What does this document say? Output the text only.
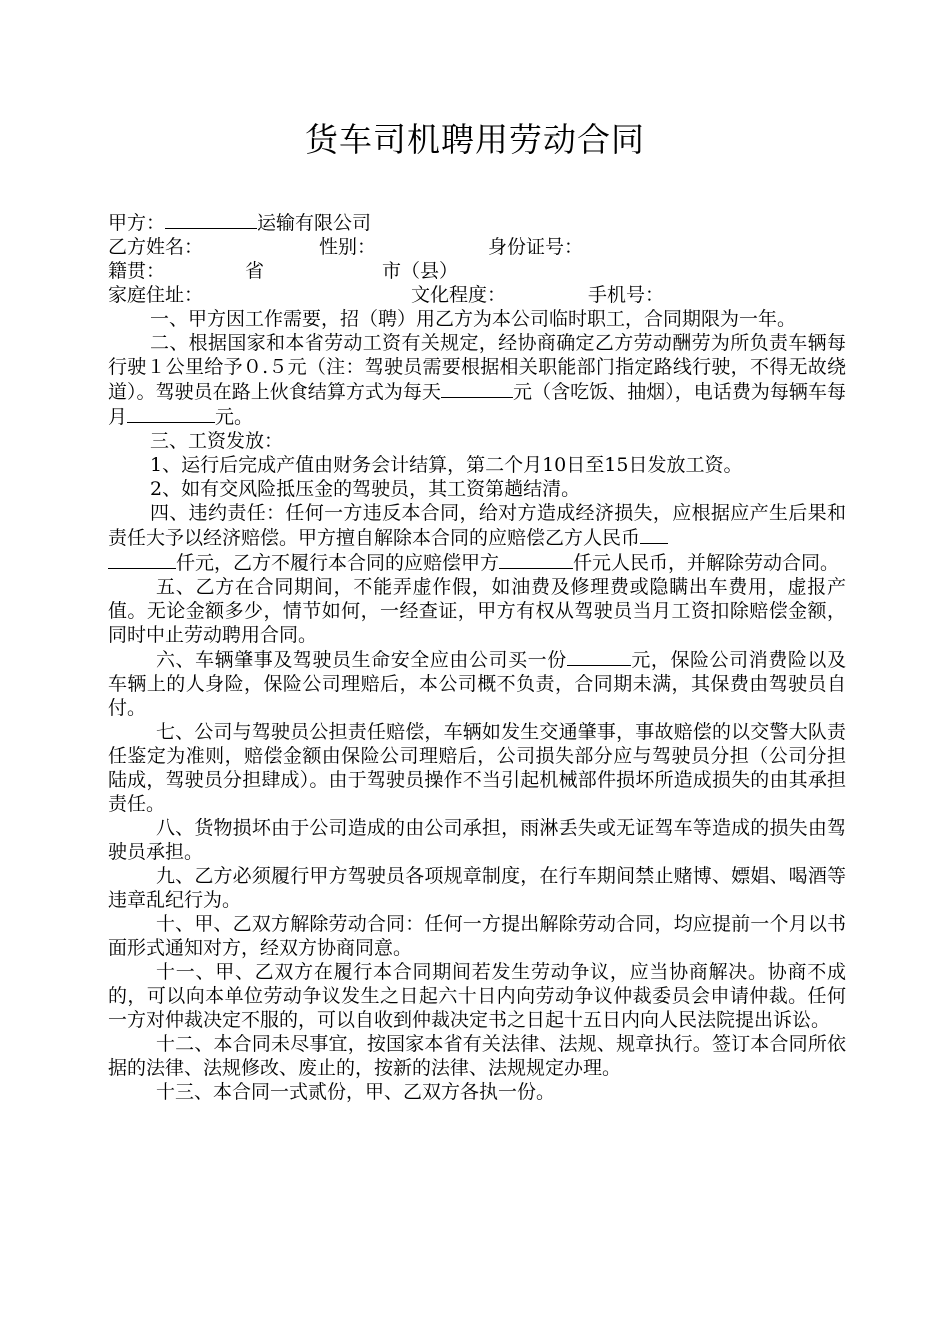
货车司机聘用劳动合同
甲方：	运输有限公司
乙方姓名：	性别：	身份证号：
籍贯：	省	市（县）
家庭住址：	文化程度：	手机号：
一、甲方因工作需要，招（聘）用乙方为本公司临时职工，合同期限为一年。
二、根据国家和本省劳动工资有关规定，经协商确定乙方劳动酬劳为所负责车辆每行驶１公里给予０.５元（注：驾驶员需要根据相关职能部门指定路线行驶，不得无故绕道）。驾驶员在路上伙食结算方式为每天	元（含吃饭、抽烟），电话费为每辆车每月	元。
三、工资发放：
1、运行后完成产值由财务会计结算，第二个月10日至15日发放工资。
2、如有交风险抵压金的驾驶员，其工资第趟结清。
四、违约责任：任何一方违反本合同，给对方造成经济损失，应根据应产生后果和责任大予以经济赔偿。甲方擅自解除本合同的应赔偿乙方人民币
仟元，乙方不履行本合同的应赔偿甲方	仟元人民币，并解除劳动合同。
五、乙方在合同期间，不能弄虚作假，如油费及修理费或隐瞒出车费用，虚报产值。无论金额多少，情节如何，一经查证，甲方有权从驾驶员当月工资扣除赔偿金额，同时中止劳动聘用合同。
六、车辆肇事及驾驶员生命安全应由公司买一份	元，保险公司消费险以及车辆上的人身险，保险公司理赔后，本公司概不负责，合同期未满，其保费由驾驶员自付。
七、公司与驾驶员公担责任赔偿，车辆如发生交通肇事，事故赔偿的以交警大队责任鉴定为准则，赔偿金额由保险公司理赔后，公司损失部分应与驾驶员分担（公司分担陆成，驾驶员分担肆成）。由于驾驶员操作不当引起机械部件损坏所造成损失的由其承担责任。
八、货物损坏由于公司造成的由公司承担，雨淋丢失或无证驾车等造成的损失由驾驶员承担。
九、乙方必须履行甲方驾驶员各项规章制度，在行车期间禁止赌博、嫖娼、喝酒等违章乱纪行为。
十、甲、乙双方解除劳动合同：任何一方提出解除劳动合同，均应提前一个月以书面形式通知对方，经双方协商同意。
十一、甲、乙双方在履行本合同期间若发生劳动争议，应当协商解决。协商不成的，可以向本单位劳动争议发生之日起六十日内向劳动争议仲裁委员会申请仲裁。任何一方对仲裁决定不服的，可以自收到仲裁决定书之日起十五日内向人民法院提出诉讼。
十二、本合同未尽事宜，按国家本省有关法律、法规、规章执行。签订本合同所依据的法律、法规修改、废止的，按新的法律、法规规定办理。
十三、本合同一式贰份，甲、乙双方各执一份。
